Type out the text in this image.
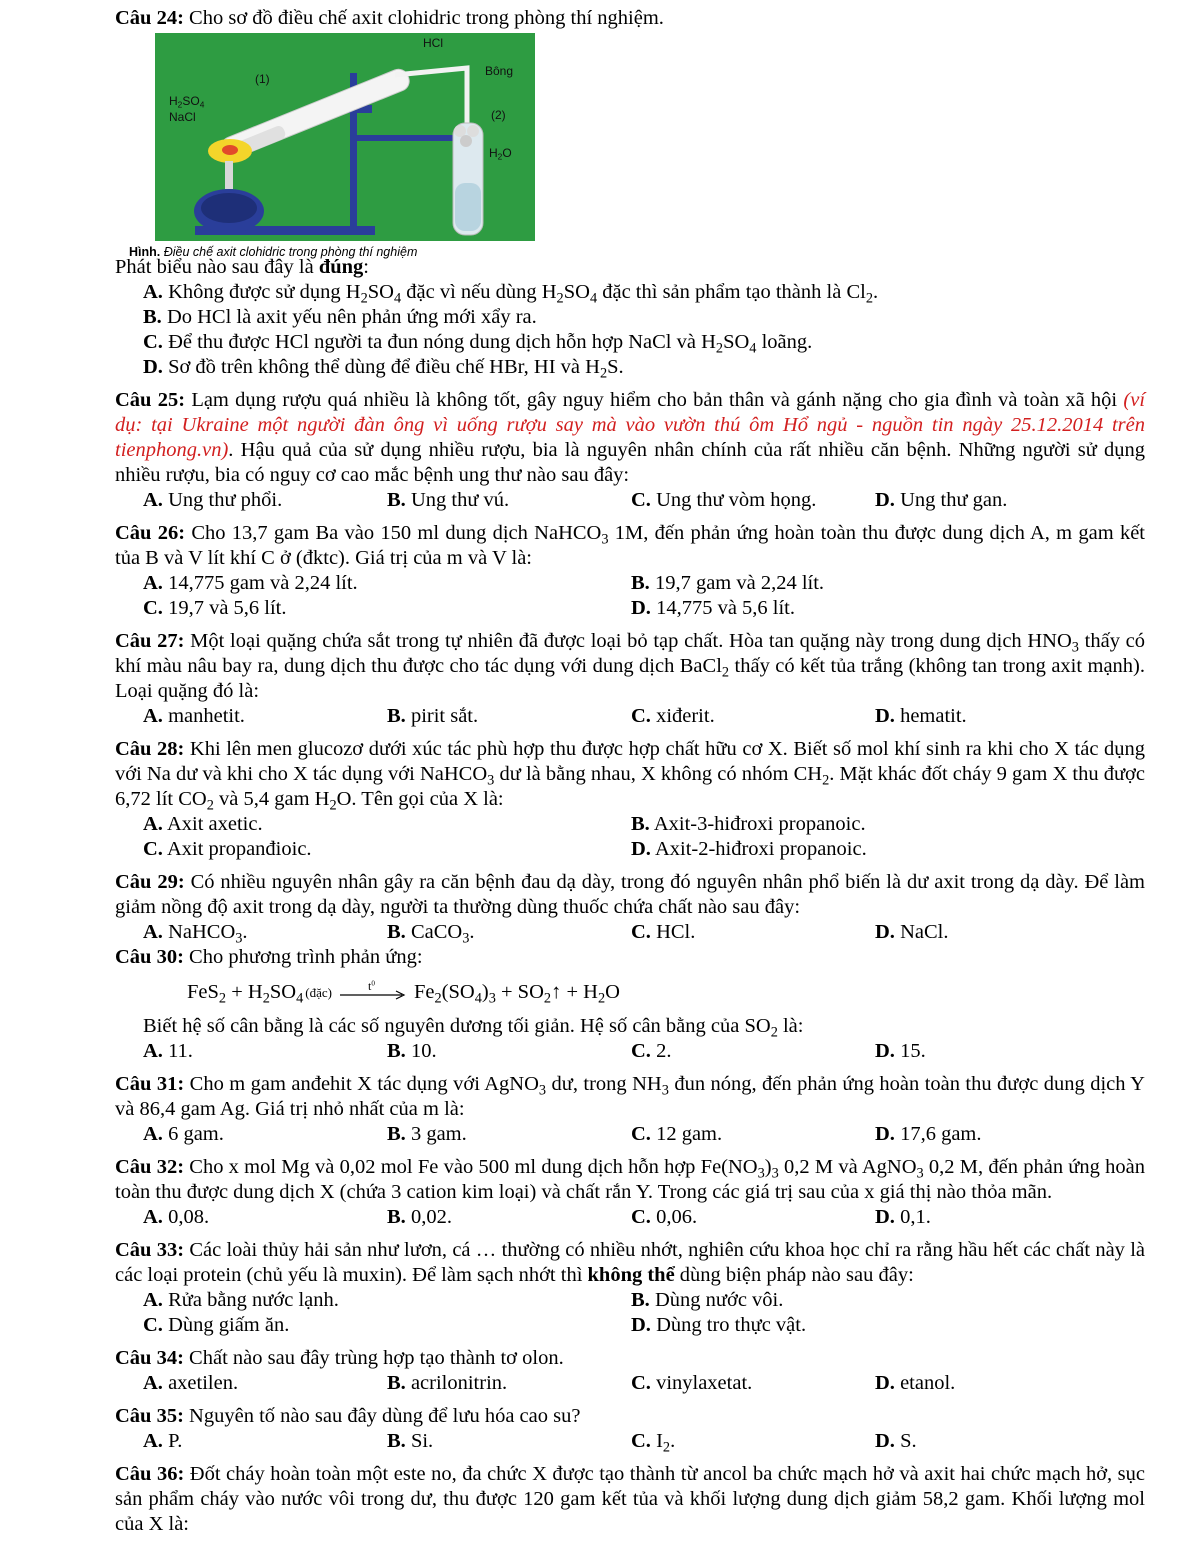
Câu 24: Cho sơ đồ điều chế axit clohidric trong phòng thí nghiệm.

HCl
Bông
(1)
$H_2SO_4$
NaCl	(2)
$H_2O$
Hình. Điều chế axit clohidric trong phòng thí nghiệm

Phát biểu nào sau đây là đúng:

A. Không được sử dụng $H_2SO_4$ đặc vì nếu dùng $H_2SO_4$ đặc thì sản phẩm tạo thành là $Cl_2$.
B. Do HCl là axit yếu nên phản ứng mới xẩy ra.
C. Để thu được HCl người ta đun nóng dung dịch hỗn hợp NaCl và $H_2SO_4$ loãng.
D. Sơ đồ trên không thể dùng để điều chế HBr, HI và $H_2S$.

Câu 25: Lạm dụng rượu quá nhiều là không tốt, gây nguy hiểm cho bản thân và gánh nặng cho gia đình và toàn xã hội (ví dụ: tại Ukraine một người đàn ông vì uống rượu say mà vào vườn thú ôm Hổ ngủ - nguồn tin ngày 25.12.2014 trên tienphong.vn). Hậu quả của sử dụng nhiều rượu, bia là nguyên nhân chính của rất nhiều căn bệnh. Những người sử dụng nhiều rượu, bia có nguy cơ cao mắc bệnh ung thư nào sau đây:

A. Ung thư phổi.	B. Ung thư vú.	C. Ung thư vòm họng.	D. Ung thư gan.

Câu 26: Cho 13,7 gam Ba vào 150 ml dung dịch NaHCO$_3$ 1M, đến phản ứng hoàn toàn thu được dung dịch A, m gam kết tủa B và V lít khí C ở (đktc). Giá trị của m và V là:

A. 14,775 gam và 2,24 lít.	B. 19,7 gam và 2,24 lít.
C. 19,7 và 5,6 lít.	D. 14,775 và 5,6 lít.

Câu 27: Một loại quặng chứa sắt trong tự nhiên đã được loại bỏ tạp chất. Hòa tan quặng này trong dung dịch $HNO_3$ thấy có khí màu nâu bay ra, dung dịch thu được cho tác dụng với dung dịch BaCl$_2$ thấy có kết tủa trắng (không tan trong axit mạnh). Loại quặng đó là:

A. manhetit.	B. pirit sắt.	C. xiđerit.	D. hematit.

Câu 28: Khi lên men glucozơ dưới xúc tác phù hợp thu được hợp chất hữu cơ X. Biết số mol khí sinh ra khi cho X tác dụng với Na dư và khi cho X tác dụng với NaHCO$_3$ dư là bằng nhau, X không có nhóm $CH_2$. Mặt khác đốt cháy 9 gam X thu được 6,72 lít $CO_2$ và 5,4 gam $H_2O$. Tên gọi của X là:

A. Axit axetic.	B. Axit-3-hiđroxi propanoic.
C. Axit propanđioic.	D. Axit-2-hiđroxi propanoic.

Câu 29: Có nhiều nguyên nhân gây ra căn bệnh đau dạ dày, trong đó nguyên nhân phổ biến là dư axit trong dạ dày. Để làm giảm nồng độ axit trong dạ dày, người ta thường dùng thuốc chứa chất nào sau đây:

A. NaHCO$_3$.	B. CaCO$_3$.	C. HCl.	D. NaCl.

Câu 30: Cho phương trình phản ứng:

$FeS_2 + H_2SO_4$ (đặc)	$t^0$ $Fe_2(SO_4)_3$ + $SO_2↑ + H_2O$

Biết hệ số cân bằng là các số nguyên dương tối giản. Hệ số cân bằng của $SO_2$ là:

A. 11.	B. 10.	C. 2.	D. 15.

Câu 31: Cho m gam anđehit X tác dụng với AgNO$_3$ dư, trong $NH_3$ đun nóng, đến phản ứng hoàn toàn thu được dung dịch Y và 86,4 gam Ag. Giá trị nhỏ nhất của m là:

A. 6 gam.	B. 3 gam.	C. 12 gam.	D. 17,6 gam.

Câu 32: Cho x mol Mg và 0,02 mol Fe vào 500 ml dung dịch hỗn hợp $Fe(NO_3)_3$ 0,2 M và AgNO$_3$ 0,2 M, đến phản ứng hoàn toàn thu được dung dịch X (chứa 3 cation kim loại) và chất rắn Y. Trong các giá trị sau của x giá thị nào thỏa mãn.

A. 0,08.	B. 0,02.	C. 0,06.	D. 0,1.

Câu 33: Các loài thủy hải sản như lươn, cá … thường có nhiều nhớt, nghiên cứu khoa học chỉ ra rằng hầu hết các chất này là các loại protein (chủ yếu là muxin). Để làm sạch nhớt thì không thể dùng biện pháp nào sau đây:

A. Rửa bằng nước lạnh.	B. Dùng nước vôi.
C. Dùng giấm ăn.	D. Dùng tro thực vật.

Câu 34: Chất nào sau đây trùng hợp tạo thành tơ olon.

A. axetilen.	B. acrilonitrin.	C. vinylaxetat.	D. etanol.

Câu 35: Nguyên tố nào sau đây dùng để lưu hóa cao su?

A. P.	B. Si.	C. $I_2$.	D. S.

Câu 36: Đốt cháy hoàn toàn một este no, đa chức X được tạo thành từ ancol ba chức mạch hở và axit hai chức mạch hở, sục sản phẩm cháy vào nước vôi trong dư, thu được 120 gam kết tủa và khối lượng dung dịch giảm 58,2 gam. Khối lượng mol của X là:
